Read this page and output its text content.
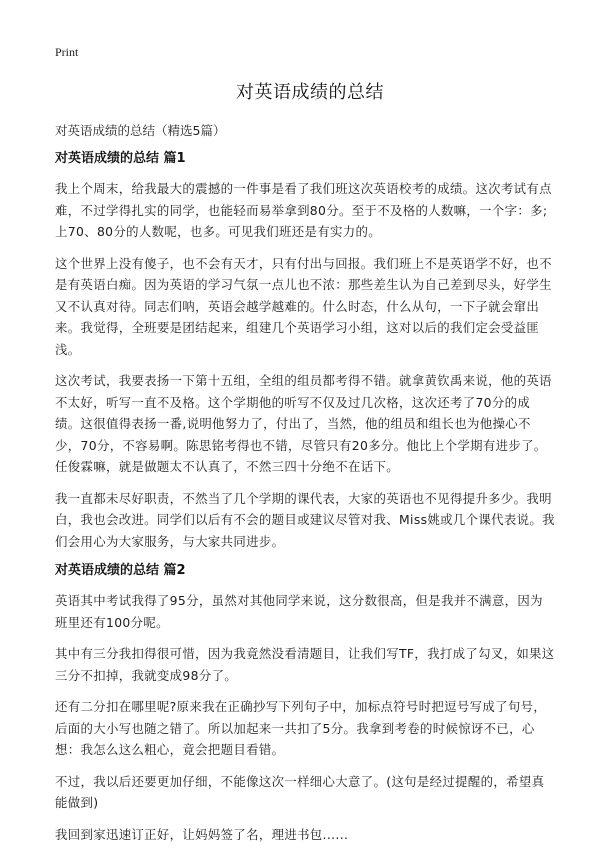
Print
对英语成绩的总结

对英语成绩的总结（精选5篇）

对英语成绩的总结 篇1

我上个周末，给我最大的震撼的一件事是看了我们班这次英语校考的成绩。这次考试有点难，不过学得扎实的同学，也能轻而易举拿到80分。至于不及格的人数嘛，一个字：多;上70、80分的人数呢，也多。可见我们班还是有实力的。

这个世界上没有傻子，也不会有天才，只有付出与回报。我们班上不是英语学不好，也不是有英语白痴。因为英语的学习气氛一点儿也不浓：那些差生认为自己差到尽头，好学生又不认真对待。同志们呐，英语会越学越难的。什么时态，什么从句，一下子就会窜出来。我觉得，全班要是团结起来，组建几个英语学习小组，这对以后的我们定会受益匪浅。

这次考试，我要表扬一下第十五组，全组的组员都考得不错。就拿黄钦禹来说，他的英语不太好，听写一直不及格。这个学期他的听写不仅及过几次格，这次还考了70分的成绩。这很值得表扬一番,说明他努力了，付出了，当然，他的组员和组长也为他操心不少，70分，不容易啊。陈思铭考得也不错，尽管只有20多分。他比上个学期有进步了。任俊霖嘛，就是做题太不认真了，不然三四十分绝不在话下。

我一直都未尽好职责，不然当了几个学期的课代表，大家的英语也不见得提升多少。我明白，我也会改进。同学们以后有不会的题目或建议尽管对我、Miss姚或几个课代表说。我们会用心为大家服务，与大家共同进步。

对英语成绩的总结 篇2

英语其中考试我得了95分，虽然对其他同学来说，这分数很高，但是我并不满意，因为班里还有100分呢。

其中有三分我扣得很可惜，因为我竟然没看清题目，让我们写TF，我打成了勾叉，如果这三分不扣掉，我就变成98分了。

还有二分扣在哪里呢?原来我在正确抄写下列句子中，加标点符号时把逗号写成了句号，后面的大小写也随之错了。所以加起来一共扣了5分。我拿到考卷的时候惊讶不已，心想：我怎么这么粗心，竟会把题目看错。

不过，我以后还要更加仔细，不能像这次一样细心大意了。(这句是经过提醒的，希望真能做到)

我回到家迅速订正好，让妈妈签了名，理进书包......
